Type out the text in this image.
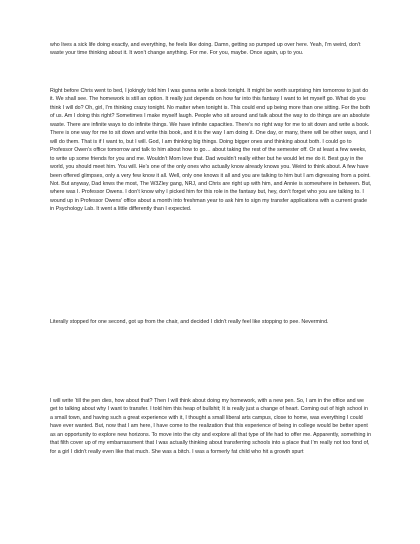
who lives a sick life doing exactly, and everything, he feels like doing. Damn, getting so pumped up over here. Yeah, I’m weird, don’t waste your time thinking about it. It won’t change anything. For me. For you, maybe. Once again, up to you.

Right before Chris went to bed, I jokingly told him I was gunna write a book tonight. It might be worth surprising him tomorrow to just do it. We shall see. The homework is still an option. It really just depends on how far into this fantasy I want to let myself go. What do you think I will do? Oh, girl, I’m thinking crazy tonight. No matter when tonight is. This could end up being more than one sitting. For the both of us. Am I doing this right? Sometimes I make myself laugh. People who sit around and talk about the way to do things are an absolute waste. There are infinite ways to do infinite things. We have infinite capacities. There’s no right way for me to sit down and write a book. There is one way for me to sit down and write this book, and it is the way I am doing it. One day, or many, there will be other ways, and I will do them. That is if I want to, but I will. God, I am thinking big things. Doing bigger ones and thinking about both. I could go to Professor Owen’s office tomorrow and talk to him about how to go… about taking the rest of the semester off. Or at least a few weeks, to write up some friends for you and me. Wouldn’t Mom love that. Dad wouldn’t really either but he would let me do it. Best guy in the world, you should meet him. You will. He’s one of the only ones who actually know already knows you. Weird to think about. A few have been offered glimpses, only a very few know it all. Well, only one knows it all and you are talking to him but I am digressing from a point. Not. But anyway, Dad knws the most, The W3Zley gang, NRJ, and Chris are right up with him, and Annie is somewhere in between. But, where was I. Professor Owens. I don’t know why I picked him for this role in the fantasy but, hey, don’t forget who you are talking to. I wound up in Professor Owens’ office about a month into freshman year to ask him to sign my transfer applications with a current grade in Psychology Lab. It went a little differently than I expected.

Literally stopped for one second, got up from the chair, and decided I didn’t really feel like stopping to pee. Nevermind.

I will write ‘till the pen dies, how about that? Then I will think about doing my homework, with a new pen. So, I am in the office and we get to talking about why I want to transfer. I told him this heap of bullshit; It is really just a change of heart. Coming out of high school in a small town, and having such a great experience with it, I thought a small liberal arts campus, close to home, was everything I could have ever wanted. But, now that I am here, I have come to the realization that this experience of being in college would be better spent as an opportunity to explore new horizons. To move into the city and explore all that type of life had to offer me. Apparently, something in that filth cover up of my embarrassment that I was actually thinking about transferring schools into a place that I’m really not too fond of, for a girl I didn’t really even like that much. She was a bitch. I was a formerly fat child who hit a growth spurt
